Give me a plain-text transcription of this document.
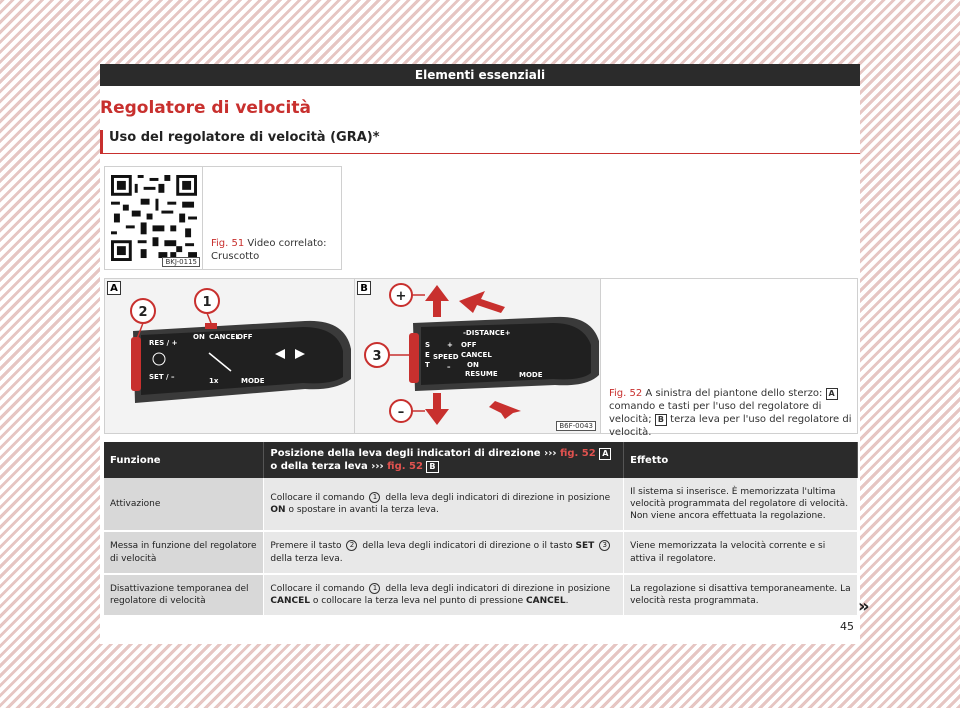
Elementi essenziali
Regolatore di velocità
Uso del regolatore di velocità (GRA)*
BKJ-0115
Fig. 51 Video correlato: Cruscotto
A
RES / +
ON CANCEL
OFF
SET / –	MODE
1x
2
1
B
-DISTANCE+
S
E
T
SPEED
OFF
CANCEL
ON
RESUME	MODE
+
–
+
3
–
B6F-0043
Fig. 52 A sinistra del piantone dello sterzo: A comando e tasti per l'uso del regolatore di velocità; B terza leva per l'uso del regolatore di velocità.
Funzione	Posizione della leva degli indicatori di direzione ››› fig. 52 A
o della terza leva ››› fig. 52 B	Effetto
Attivazione	Collocare il comando 1 della leva degli indicatori di direzione in posizione ON o spostare in avanti la terza leva.	Il sistema si inserisce. È memorizzata l'ultima velocità programmata del regolatore di velocità. Non viene ancora effettuata la regolazione.
Messa in funzione del regolatore di velocità	Premere il tasto 2 della leva degli indicatori di direzione o il tasto SET 3 della terza leva.	Viene memorizzata la velocità corrente e si attiva il regolatore.
Disattivazione temporanea del regolatore di velocità	Collocare il comando 1 della leva degli indicatori di direzione in posizione CANCEL o collocare la terza leva nel punto di pressione CANCEL.	La regolazione si disattiva temporaneamente. La velocità resta programmata.	»
45
